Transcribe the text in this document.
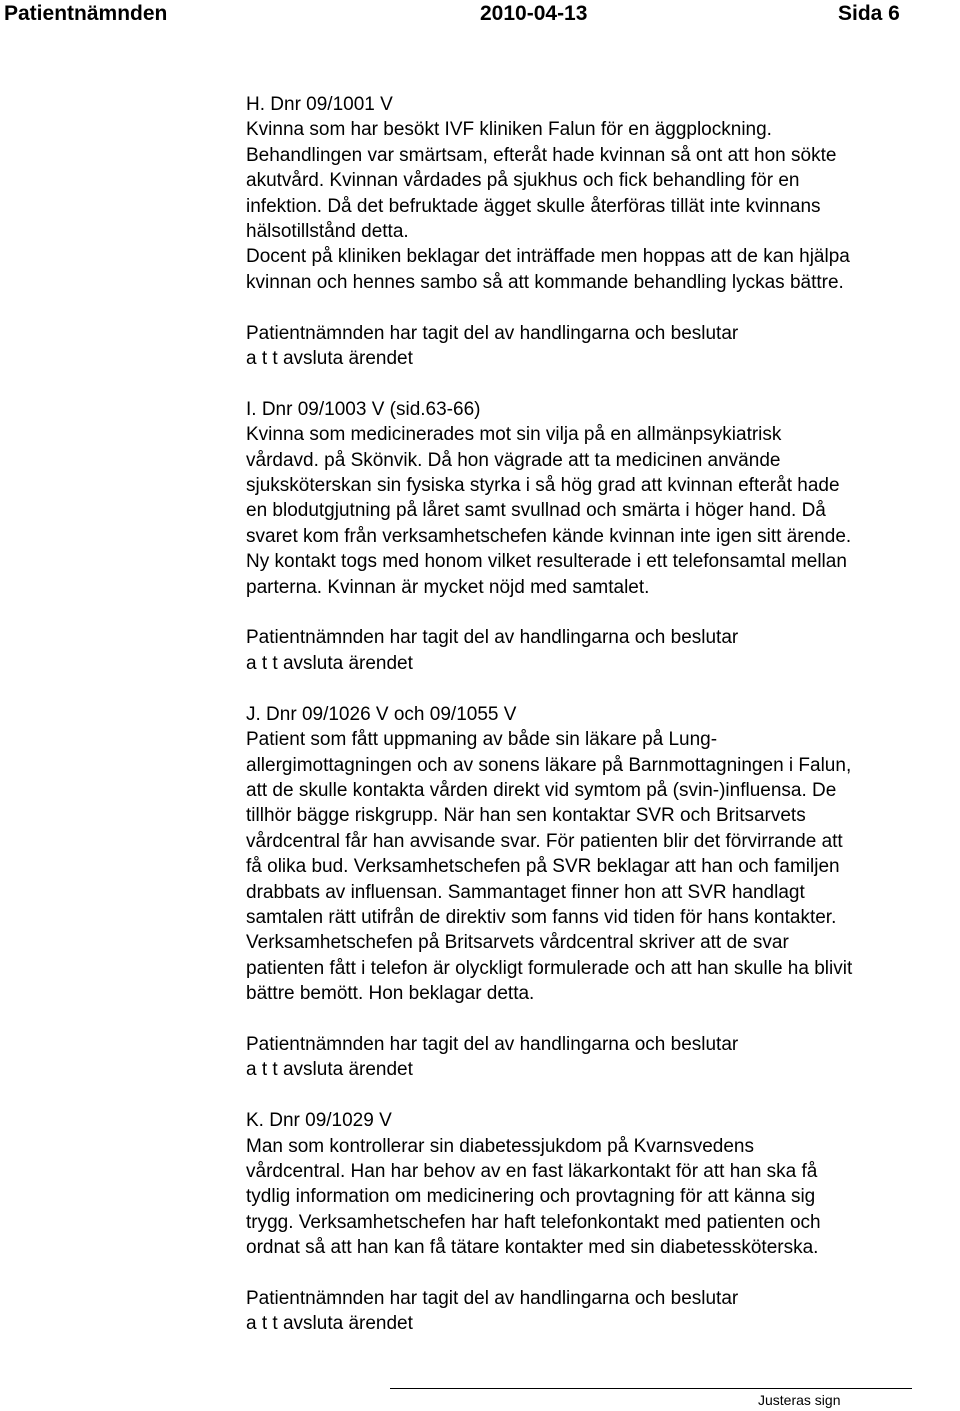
Patientnämnden	2010-04-13	Sida 6
H. Dnr 09/1001 V
Kvinna som har besökt IVF kliniken Falun för en äggplockning.
Behandlingen var smärtsam, efteråt hade kvinnan så ont att hon sökte
akutvård. Kvinnan vårdades på sjukhus och fick behandling för en
infektion. Då det befruktade ägget skulle återföras tillät inte kvinnans
hälsotillstånd detta.
Docent på kliniken beklagar det inträffade men hoppas att de kan hjälpa
kvinnan och hennes sambo så att kommande behandling lyckas bättre.
Patientnämnden har tagit del av handlingarna och beslutar
a t t avsluta ärendet
I. Dnr 09/1003 V (sid.63-66)
Kvinna som medicinerades mot sin vilja på en allmänpsykiatrisk
vårdavd. på Skönvik. Då hon vägrade att ta medicinen använde
sjuksköterskan sin fysiska styrka i så hög grad att kvinnan efteråt hade
en blodutgjutning på låret samt svullnad och smärta i höger hand. Då
svaret kom från verksamhetschefen kände kvinnan inte igen sitt ärende.
Ny kontakt togs med honom vilket resulterade i ett telefonsamtal mellan
parterna. Kvinnan är mycket nöjd med samtalet.
Patientnämnden har tagit del av handlingarna och beslutar
a t t avsluta ärendet
J. Dnr 09/1026 V och 09/1055 V
Patient som fått uppmaning av både sin läkare på Lung-
allergimottagningen och av sonens läkare på Barnmottagningen i Falun,
att de skulle kontakta vården direkt vid symtom på (svin-)influensa. De
tillhör bägge riskgrupp. När han sen kontaktar SVR och Britsarvets
vårdcentral får han avvisande svar. För patienten blir det förvirrande att
få olika bud. Verksamhetschefen på SVR beklagar att han och familjen
drabbats av influensan. Sammantaget finner hon att SVR handlagt
samtalen rätt utifrån de direktiv som fanns vid tiden för hans kontakter.
Verksamhetschefen på Britsarvets vårdcentral skriver att de svar
patienten fått i telefon är olyckligt formulerade och att han skulle ha blivit
bättre bemött. Hon beklagar detta.
Patientnämnden har tagit del av handlingarna och beslutar
a t t avsluta ärendet
K. Dnr 09/1029 V
Man som kontrollerar sin diabetessjukdom på Kvarnsvedens
vårdcentral. Han har behov av en fast läkarkontakt för att han ska få
tydlig information om medicinering och provtagning för att känna sig
trygg. Verksamhetschefen har haft telefonkontakt med patienten och
ordnat så att han kan få tätare kontakter med sin diabetessköterska.
Patientnämnden har tagit del av handlingarna och beslutar
a t t avsluta ärendet
Justeras sign
